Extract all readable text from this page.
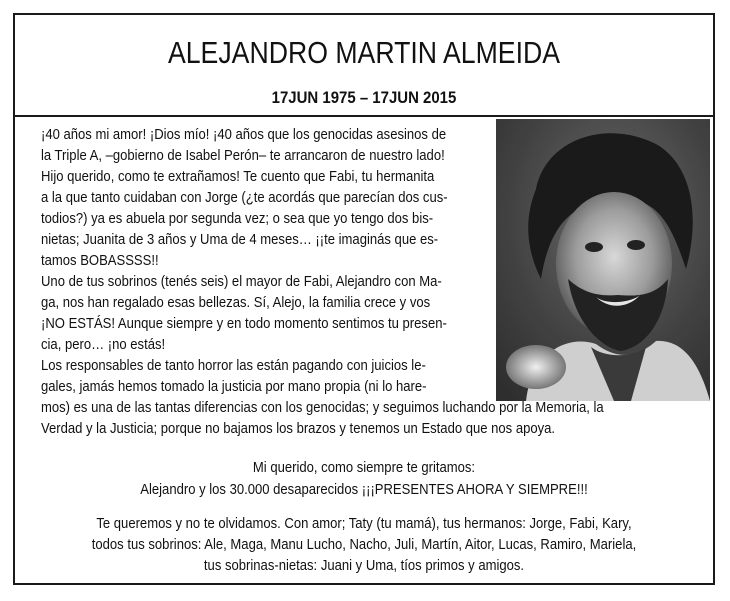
ALEJANDRO MARTIN ALMEIDA
17JUN 1975 – 17JUN 2015
¡40 años mi amor! ¡Dios mío! ¡40 años que los genocidas asesinos de
la Triple A, –gobierno de Isabel Perón– te arrancaron de nuestro lado!
Hijo querido, como te extrañamos! Te cuento que Fabi, tu hermanita
a la que tanto cuidaban con Jorge (¿te acordás que parecían dos cus-
todios?) ya es abuela por segunda vez; o sea que yo tengo dos bis-
nietas; Juanita de 3 años y Uma de 4 meses… ¡¡te imaginás que es-
tamos BOBASSSS!!
Uno de tus sobrinos (tenés seis) el mayor de Fabi, Alejandro con Ma-
ga, nos han regalado esas bellezas. Sí, Alejo, la familia crece y vos
¡NO ESTÁS! Aunque siempre y en todo momento sentimos tu presen-
cia, pero… ¡no estás!
Los responsables de tanto horror las están pagando con juicios le-
gales, jamás hemos tomado la justicia por mano propia (ni lo hare-
mos) es una de las tantas diferencias con los genocidas; y seguimos luchando por la Memoria, la
Verdad y la Justicia; porque no bajamos los brazos y tenemos un Estado que nos apoya.
Mi querido, como siempre te gritamos:
Alejandro y los 30.000 desaparecidos ¡¡¡PRESENTES AHORA Y SIEMPRE!!!
Te queremos y no te olvidamos. Con amor; Taty (tu mamá), tus hermanos: Jorge, Fabi, Kary,
todos tus sobrinos: Ale, Maga, Manu Lucho, Nacho, Juli, Martín, Aitor, Lucas, Ramiro, Mariela,
tus sobrinas-nietas: Juani y Uma, tíos primos y amigos.
